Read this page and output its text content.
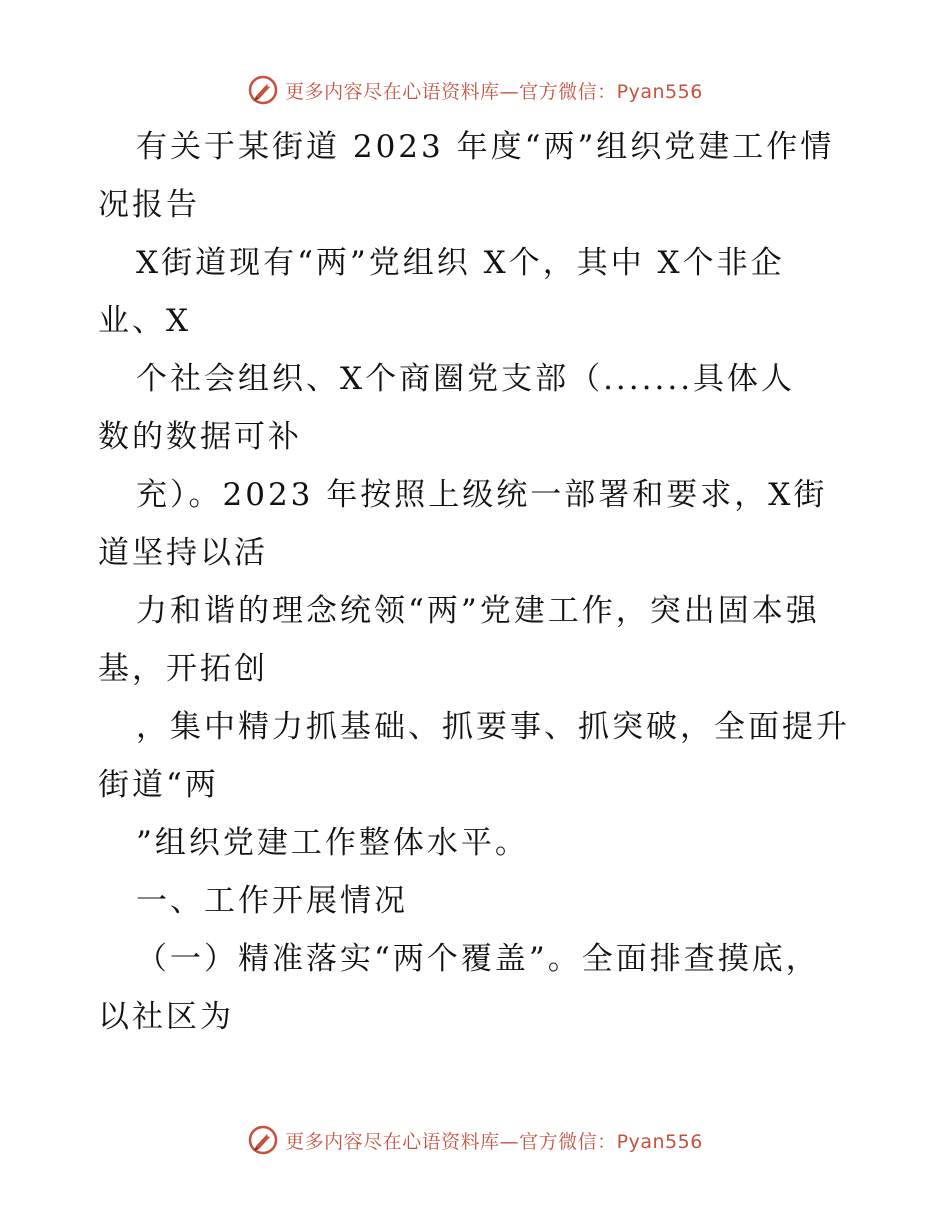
更多内容尽在心语资料库—官方微信：Pyan556
有关于某街道 2023 年度“两”组织党建工作情
况报告
X街道现有“两”党组织 X个，其中 X个非企
业、X
个社会组织、X个商圈党支部（.......具体人
数的数据可补
充）。2023 年按照上级统一部署和要求，X街
道坚持以活
力和谐的理念统领“两”党建工作，突出固本强
基，开拓创
，集中精力抓基础、抓要事、抓突破，全面提升
街道“两
”组织党建工作整体水平。
一、工作开展情况
（一）精准落实“两个覆盖”。全面排查摸底，
以社区为
更多内容尽在心语资料库—官方微信：Pyan556
